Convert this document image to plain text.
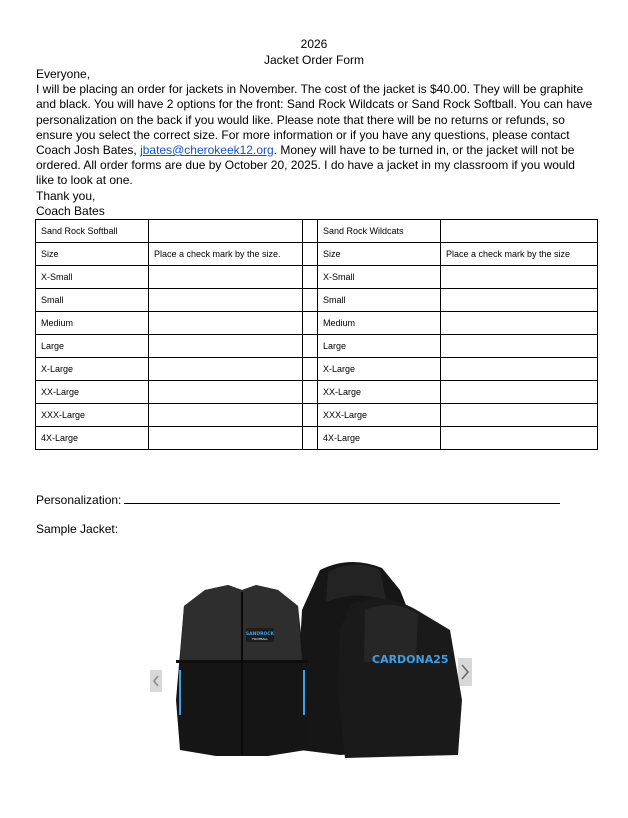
2026
Jacket Order Form

Everyone,

I will be placing an order for jackets in November. The cost of the jacket is $40.00. They will be graphite and black. You will have 2 options for the front: Sand Rock Wildcats or Sand Rock Softball. You can have personalization on the back if you would like. Please note that there will be no returns or refunds, so ensure you select the correct size. For more information or if you have any questions, please contact Coach Josh Bates, jbates@cherokeek12.org. Money will have to be turned in, or the jacket will not be ordered. All order forms are due by October 20, 2025. I do have a jacket in my classroom if you would like to look at one.

Thank you,

Coach Bates

Sand Rock Softball			Sand Rock Wildcats	
Size	Place a check mark by the size.		Size	Place a check mark by the size
X-Small			X-Small	
Small			Small	
Medium			Medium	
Large			Large	
X-Large			X-Large	
XX-Large			XX-Large	
XXX-Large			XXX-Large	
4X-Large			4X-Large	
Personalization:
Sample Jacket:
CARDONA25
SANDROCK
FOOTBALL
